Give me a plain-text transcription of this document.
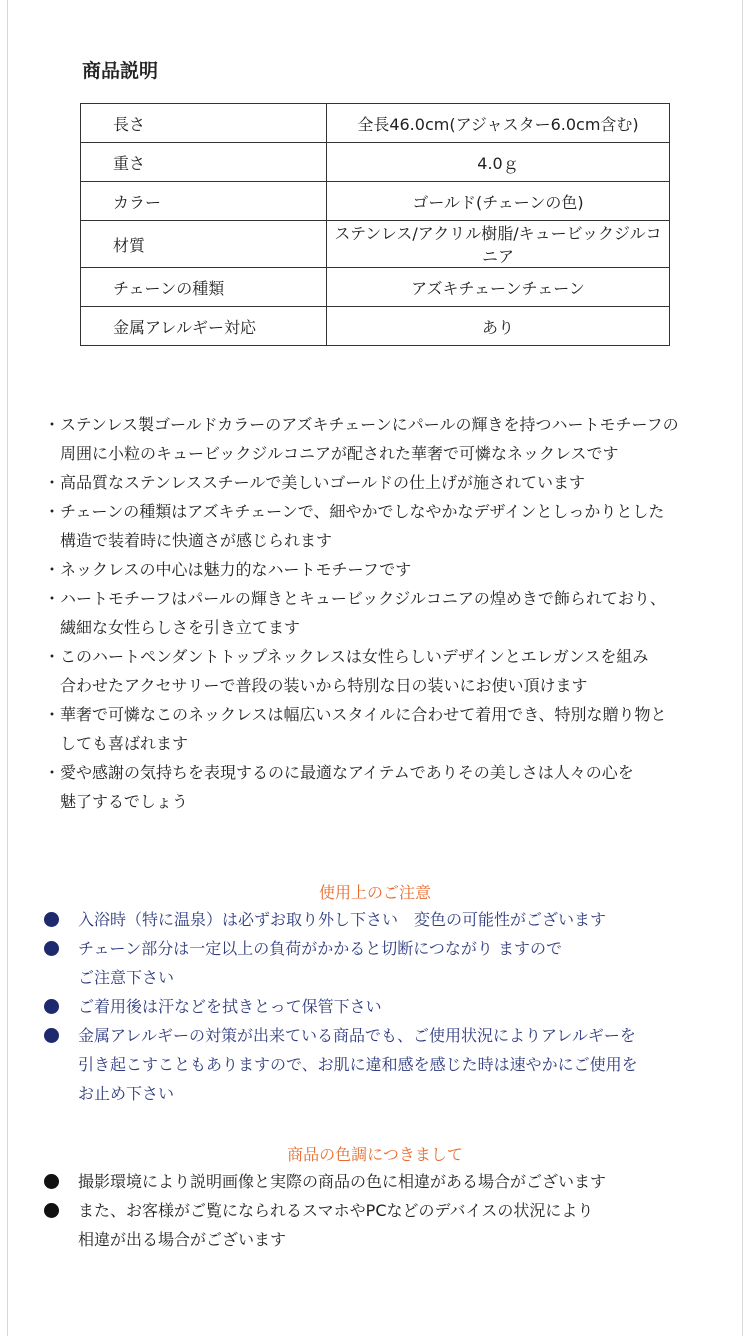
商品説明
長さ	全長46.0cm(アジャスター6.0cm含む)
重さ	4.0ｇ
カラー	ゴールド(チェーンの色)
材質	ステンレス/アクリル樹脂/キュービックジルコニア
チェーンの種類	アズキチェーンチェーン
金属アレルギー対応	あり
・ ステンレス製ゴールドカラーのアズキチェーンにパールの輝きを持つハートモチーフの
周囲に小粒のキュービックジルコニアが配された華奢で可憐なネックレスです
・ 高品質なステンレススチールで美しいゴールドの仕上げが施されています
・ チェーンの種類はアズキチェーンで、細やかでしなやかなデザインとしっかりとした
構造で装着時に快適さが感じられます
・ ネックレスの中心は魅力的なハートモチーフです
・ ハートモチーフはパールの輝きとキュービックジルコニアの煌めきで飾られており、
繊細な女性らしさを引き立てます
・ このハートペンダントトップネックレスは女性らしいデザインとエレガンスを組み
合わせたアクセサリーで普段の装いから特別な日の装いにお使い頂けます
・ 華奢で可憐なこのネックレスは幅広いスタイルに合わせて着用でき、特別な贈り物と
しても喜ばれます
・ 愛や感謝の気持ちを表現するのに最適なアイテムでありその美しさは人々の心を
魅了するでしょう
使用上のご注意
入浴時（特に温泉）は必ずお取り外し下さい　変色の可能性がございます
チェーン部分は一定以上の負荷がかかると切断につながり ますので
ご注意下さい
ご着用後は汗などを拭きとって保管下さい
金属アレルギーの対策が出来ている商品でも、ご使用状況によりアレルギーを
引き起こすこともありますので、お肌に違和感を感じた時は速やかにご使用を
お止め下さい
商品の色調につきまして
撮影環境により説明画像と実際の商品の色に相違がある場合がございます
また、お客様がご覧になられるスマホやPCなどのデバイスの状況により
相違が出る場合がございます
